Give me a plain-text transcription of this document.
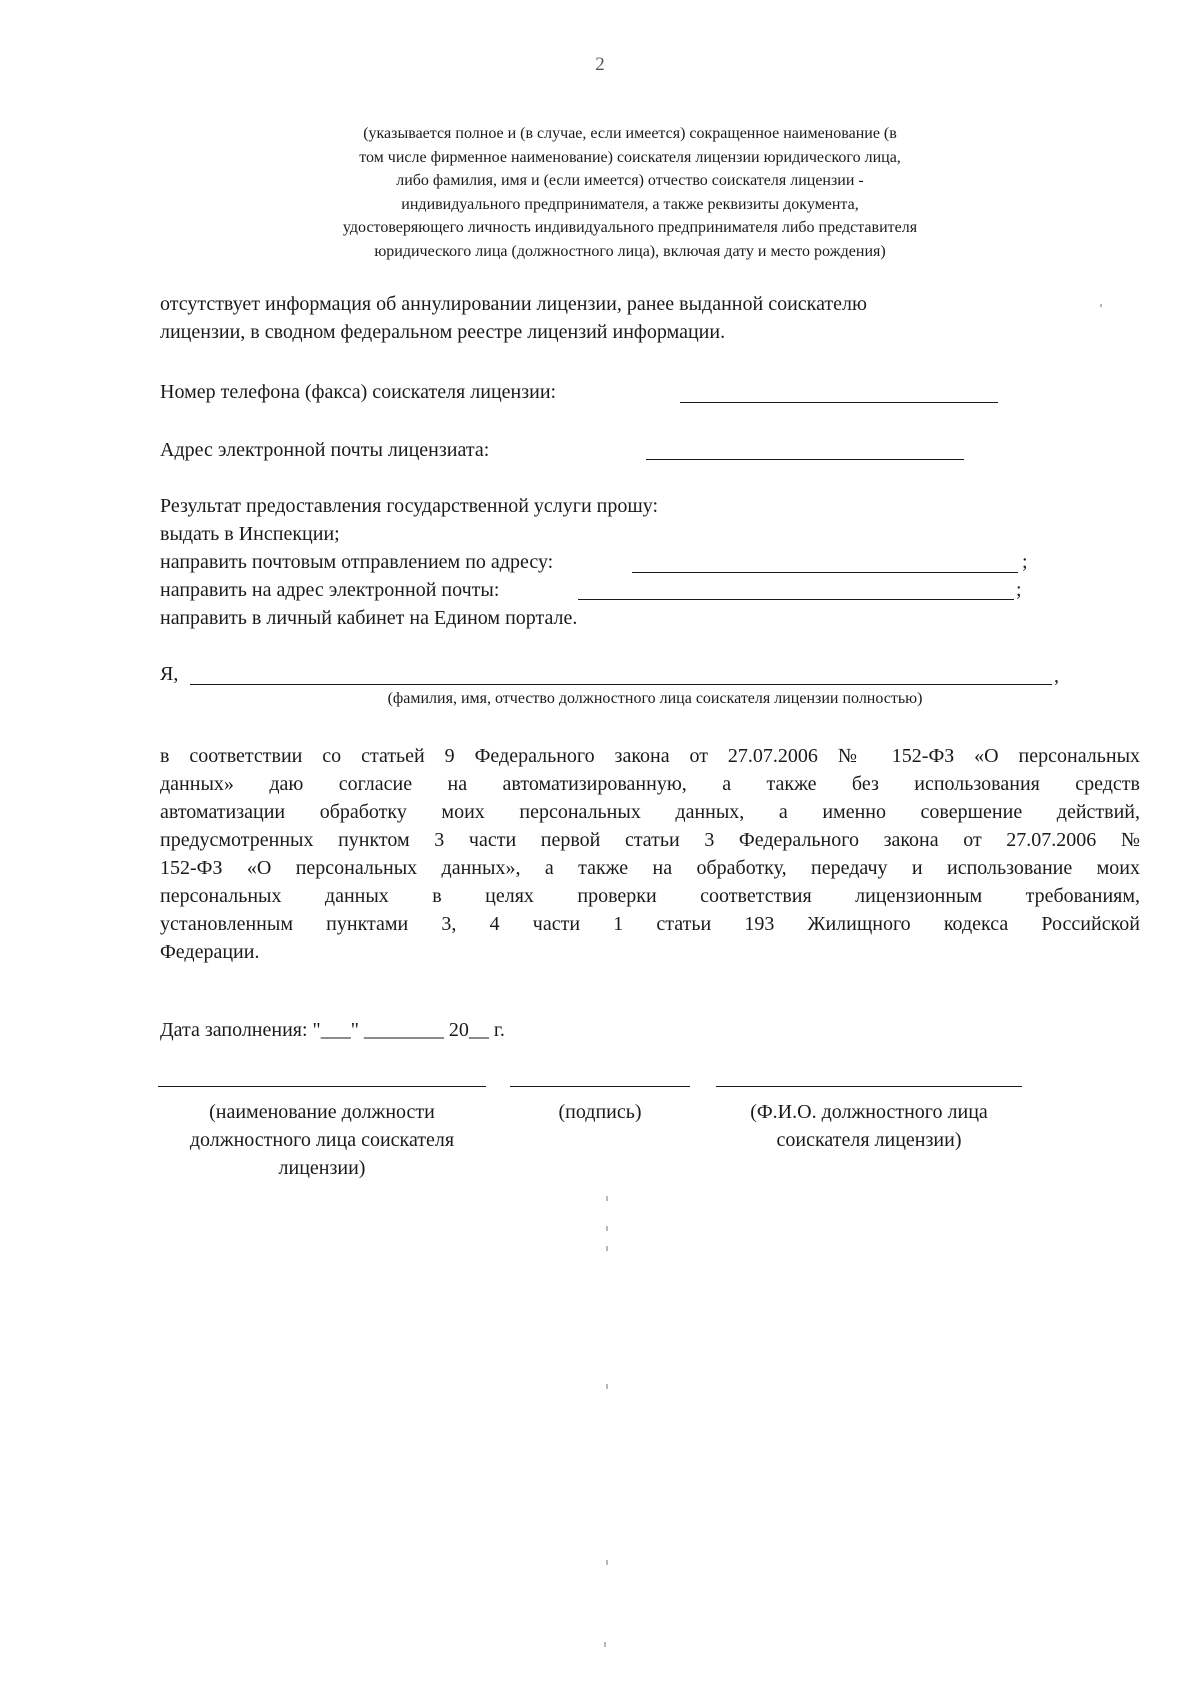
2
(указывается полное и (в случае, если имеется) сокращенное наименование (в
том числе фирменное наименование) соискателя лицензии юридического лица,
либо фамилия, имя и (если имеется) отчество соискателя лицензии -
индивидуального предпринимателя, а также реквизиты документа,
удостоверяющего личность индивидуального предпринимателя либо представителя
юридического лица (должностного лица), включая дату и место рождения)
отсутствует информация об аннулировании лицензии, ранее выданной соискателю
лицензии, в сводном федеральном реестре лицензий информации.
Номер телефона (факса) соискателя лицензии:
Адрес электронной почты лицензиата:
Результат предоставления государственной услуги прошу:
выдать в Инспекции;
направить почтовым отправлением по адресу:
направить на адрес электронной почты:
направить в личный кабинет на Едином портале.
;
;
Я,	,
(фамилия, имя, отчество должностного лица соискателя лицензии полностью)
в соответствии со статьей 9 Федерального закона от 27.07.2006 № 152-ФЗ «О персональных
данных» даю согласие на автоматизированную, а также без использования средств
автоматизации обработку моих персональных данных, а именно совершение действий,
предусмотренных пунктом 3 части первой статьи 3 Федерального закона от 27.07.2006 №
152-ФЗ «О персональных данных», а также на обработку, передачу и использование моих
персональных данных в целях проверки соответствия лицензионным требованиям,
установленным пунктами 3, 4 части 1 статьи 193 Жилищного кодекса Российской
Федерации.
Дата заполнения: "___" ________ 20__ г.
(наименование должности
должностного лица соискателя
лицензии)
(подпись)	(Ф.И.О. должностного лица
соискателя лицензии)
